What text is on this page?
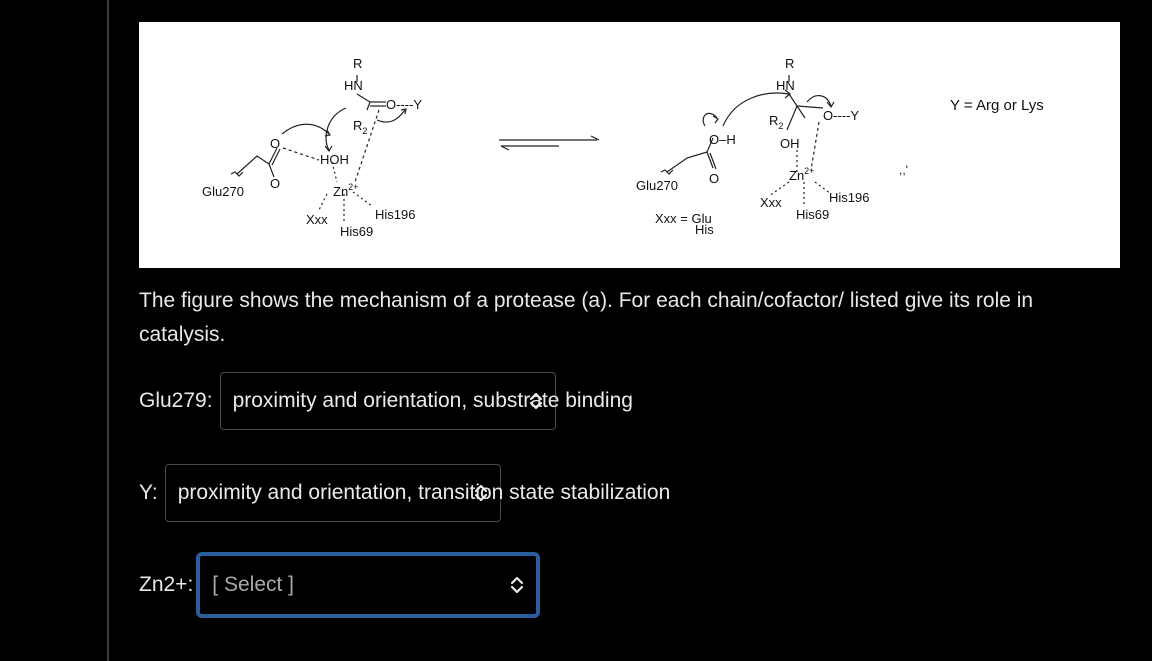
R
HN
O----Y
$R_2$
HOH
O
O
Glu270	$Zn^{2+}$
Xxx	His196
His69
R
HN
O----Y
$R_2$
O–H	OH
O
Glu270
$Zn^{2+}$
Xxx	His196
His69
Xxx = Glu
His
,,'
Y = Arg or Lys
The figure shows the mechanism of a protease (a). For each chain/cofactor/ listed give its role in catalysis.
Glu279: proximity and orientation, substrate binding
Y: proximity and orientation, transition state stabilization
Zn2+: [ Select ]
